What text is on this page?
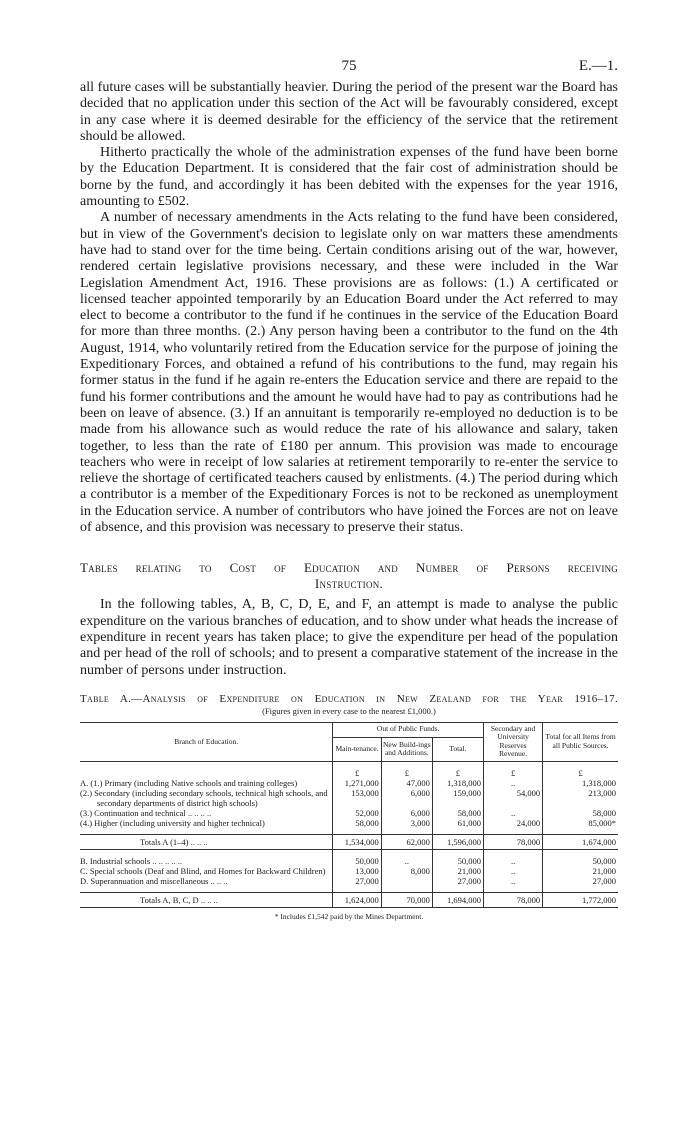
75	E.—1.

all future cases will be substantially heavier. During the period of the present war the Board has decided that no application under this section of the Act will be favourably considered, except in any case where it is deemed desirable for the efficiency of the service that the retirement should be allowed.

Hitherto practically the whole of the administration expenses of the fund have been borne by the Education Department. It is considered that the fair cost of administration should be borne by the fund, and accordingly it has been debited with the expenses for the year 1916, amounting to £502.

A number of necessary amendments in the Acts relating to the fund have been considered, but in view of the Government's decision to legislate only on war matters these amendments have had to stand over for the time being. Certain conditions arising out of the war, however, rendered certain legislative provisions necessary, and these were included in the War Legislation Amendment Act, 1916. These provisions are as follows: (1.) A certificated or licensed teacher appointed temporarily by an Education Board under the Act referred to may elect to become a contributor to the fund if he continues in the service of the Education Board for more than three months. (2.) Any person having been a contributor to the fund on the 4th August, 1914, who voluntarily retired from the Education service for the purpose of joining the Expeditionary Forces, and obtained a refund of his contributions to the fund, may regain his former status in the fund if he again re-enters the Education service and there are repaid to the fund his former contributions and the amount he would have had to pay as contributions had he been on leave of absence. (3.) If an annuitant is temporarily re-employed no deduction is to be made from his allowance such as would reduce the rate of his allowance and salary, taken together, to less than the rate of £180 per annum. This provision was made to encourage teachers who were in receipt of low salaries at retirement temporarily to re-enter the service to relieve the shortage of certificated teachers caused by enlistments. (4.) The period during which a contributor is a member of the Expeditionary Forces is not to be reckoned as unemployment in the Education service. A number of contributors who have joined the Forces are not on leave of absence, and this provision was necessary to preserve their status.

Tables relating to Cost of Education and Number of Persons receiving
Instruction.

In the following tables, A, B, C, D, E, and F, an attempt is made to analyse the public expenditure on the various branches of education, and to show under what heads the increase of expenditure in recent years has taken place; to give the expenditure per head of the population and per head of the roll of schools; and to present a comparative statement of the increase in the number of persons under instruction.

Table A.—Analysis of Expenditure on Education in New Zealand for the Year 1916–17.
(Figures given in every case to the nearest £1,000.)
Branch of Education.	Out of Public Funds.			Secondary and University Reserves Revenue.	Total for all Items from all Public Sources.
	Main-tenance.	New Build-ings and Additions.	Total.		

	£	£	£	£	£
A. (1.) Primary (including Native schools and training colleges)	1,271,000	47,000	1,318,000	..	1,318,000
(2.) Secondary (including secondary schools, technical high schools, and secondary departments of district high schools)	153,000	6,000	159,000	54,000	213,000
(3.) Continuation and technical .. .. .. ..	52,000	6,000	58,000	..	58,000
(4.) Higher (including university and higher technical)	58,000	3,000	61,000	24,000	85,000*

Totals A (1–4) .. .. ..	1,534,000	62,000	1,596,000	78,000	1,674,000

B. Industrial schools .. .. .. .. ..	50,000	..	50,000	..	50,000
C. Special schools (Deaf and Blind, and Homes for Backward Children)	13,000	8,000	21,000	..	21,000
D. Superannuation and miscellaneous .. .. ..	27,000		27,000	..	27,000

Totals A, B, C, D .. .. ..	1,624,000	70,000	1,694,000	78,000	1,772,000
* Includes £1,542 paid by the Mines Department.
